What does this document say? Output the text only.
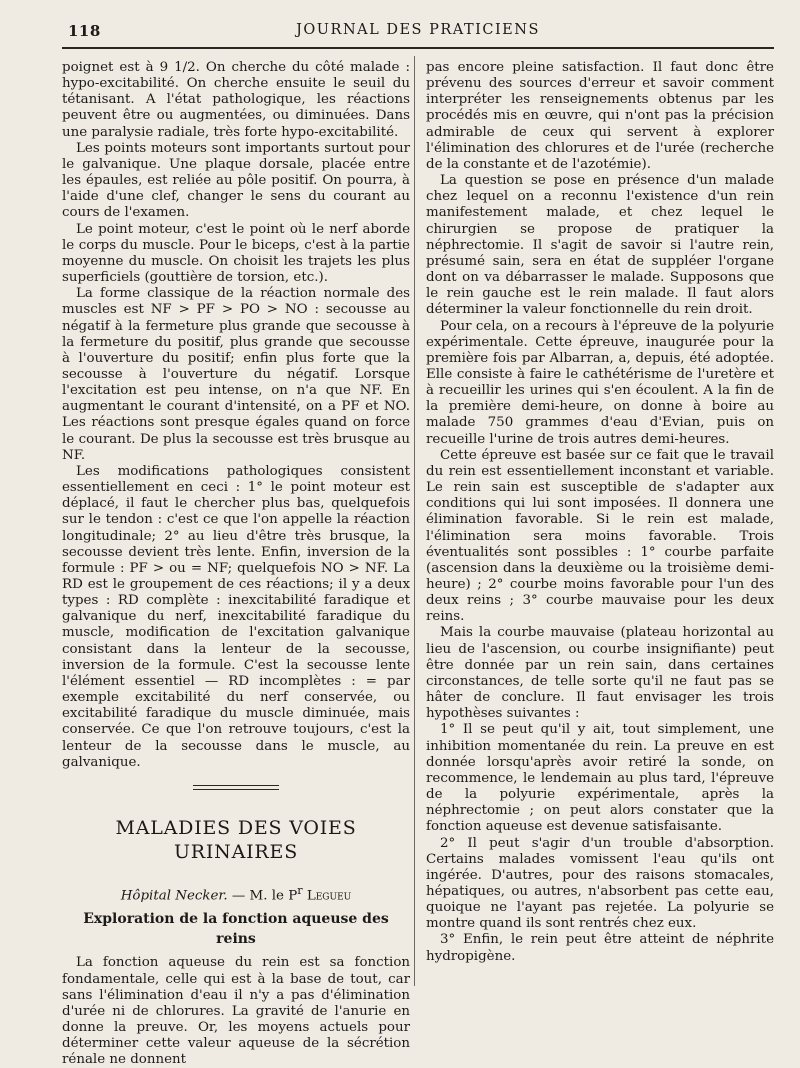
118	JOURNAL DES PRATICIENS

poignet est à 9 1/2. On cherche du côté malade : hypo-excitabilité. On cherche ensuite le seuil du tétanisant. A l'état pathologique, les réactions peuvent être ou augmentées, ou diminuées. Dans une paralysie radiale, très forte hypo-excitabilité.

Les points moteurs sont importants surtout pour le galvanique. Une plaque dorsale, placée entre les épaules, est reliée au pôle positif. On pourra, à l'aide d'une clef, changer le sens du courant au cours de l'examen.

Le point moteur, c'est le point où le nerf aborde le corps du muscle. Pour le biceps, c'est à la partie moyenne du muscle. On choisit les trajets les plus superficiels (gouttière de torsion, etc.).

La forme classique de la réaction normale des muscles est NF > PF > PO > NO : secousse au négatif à la fermeture plus grande que secousse à la fermeture du positif, plus grande que secousse à l'ouverture du positif; enfin plus forte que la secousse à l'ouverture du négatif. Lorsque l'excitation est peu intense, on n'a que NF. En augmentant le courant d'intensité, on a PF et NO. Les réactions sont presque égales quand on force le courant. De plus la secousse est très brusque au NF.

Les modifications pathologiques consistent essentiellement en ceci : 1° le point moteur est déplacé, il faut le chercher plus bas, quelquefois sur le tendon : c'est ce que l'on appelle la réaction longitudinale; 2° au lieu d'être très brusque, la secousse devient très lente. Enfin, inversion de la formule : PF > ou = NF; quelquefois NO > NF. La RD est le groupement de ces réactions; il y a deux types : RD complète : inexcitabilité faradique et galvanique du nerf, inexcitabilité faradique du muscle, modification de l'excitation galvanique consistant dans la lenteur de la secousse, inversion de la formule. C'est la secousse lente l'élément essentiel — RD incomplètes : = par exemple excitabilité du nerf conservée, ou excitabilité faradique du muscle diminuée, mais conservée. Ce que l'on retrouve toujours, c'est la lenteur de la secousse dans le muscle, au galvanique.

MALADIES DES VOIES URINAIRES
Hôpital Necker. — M. le $P^r$ Legueu
Exploration de la fonction aqueuse des reins

La fonction aqueuse du rein est sa fonction fondamentale, celle qui est à la base de tout, car sans l'élimination d'eau il n'y a pas d'élimination d'urée ni de chlorures. La gravité de l'anurie en donne la preuve. Or, les moyens actuels pour déterminer cette valeur aqueuse de la sécrétion rénale ne donnent

pas encore pleine satisfaction. Il faut donc être prévenu des sources d'erreur et savoir comment interpréter les renseignements obtenus par les procédés mis en œuvre, qui n'ont pas la précision admirable de ceux qui servent à explorer l'élimination des chlorures et de l'urée (recherche de la constante et de l'azotémie).

La question se pose en présence d'un malade chez lequel on a reconnu l'existence d'un rein manifestement malade, et chez lequel le chirurgien se propose de pratiquer la néphrectomie. Il s'agit de savoir si l'autre rein, présumé sain, sera en état de suppléer l'organe dont on va débarrasser le malade. Supposons que le rein gauche est le rein malade. Il faut alors déterminer la valeur fonctionnelle du rein droit.

Pour cela, on a recours à l'épreuve de la polyurie expérimentale. Cette épreuve, inaugurée pour la première fois par Albarran, a, depuis, été adoptée. Elle consiste à faire le cathétérisme de l'uretère et à recueillir les urines qui s'en écoulent. A la fin de la première demi-heure, on donne à boire au malade 750 grammes d'eau d'Evian, puis on recueille l'urine de trois autres demi-heures.

Cette épreuve est basée sur ce fait que le travail du rein est essentiellement inconstant et variable. Le rein sain est susceptible de s'adapter aux conditions qui lui sont imposées. Il donnera une élimination favorable. Si le rein est malade, l'élimination sera moins favorable. Trois éventualités sont possibles : 1° courbe parfaite (ascension dans la deuxième ou la troisième demi-heure) ; 2° courbe moins favorable pour l'un des deux reins ; 3° courbe mauvaise pour les deux reins.

Mais la courbe mauvaise (plateau horizontal au lieu de l'ascension, ou courbe insignifiante) peut être donnée par un rein sain, dans certaines circonstances, de telle sorte qu'il ne faut pas se hâter de conclure. Il faut envisager les trois hypothèses suivantes :

1° Il se peut qu'il y ait, tout simplement, une inhibition momentanée du rein. La preuve en est donnée lorsqu'après avoir retiré la sonde, on recommence, le lendemain au plus tard, l'épreuve de la polyurie expérimentale, après la néphrectomie ; on peut alors constater que la fonction aqueuse est devenue satisfaisante.

2° Il peut s'agir d'un trouble d'absorption. Certains malades vomissent l'eau qu'ils ont ingérée. D'autres, pour des raisons stomacales, hépatiques, ou autres, n'absorbent pas cette eau, quoique ne l'ayant pas rejetée. La polyurie se montre quand ils sont rentrés chez eux.

3° Enfin, le rein peut être atteint de néphrite hydropigène.
